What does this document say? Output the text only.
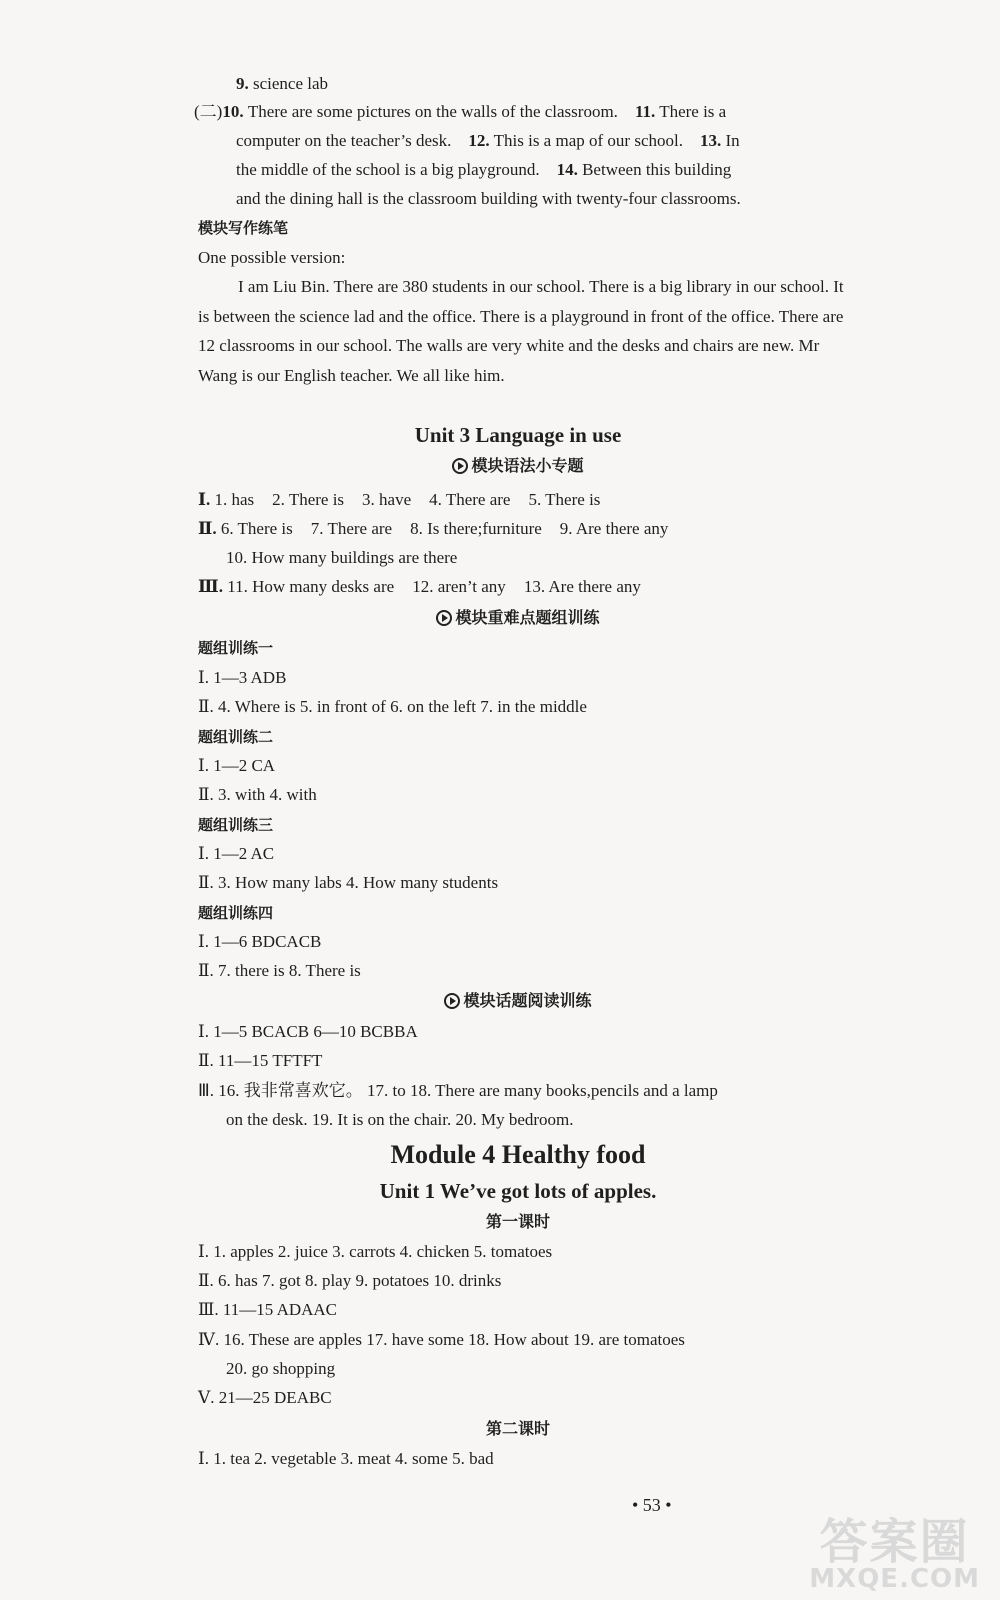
9. science lab
(二)10. There are some pictures on the walls of the classroom. 11. There is a
computer on the teacher’s desk.    12. This is a map of our school. 13. In
the middle of the school is a big playground.    14. Between this building
and the dining hall is the classroom building with twenty-four classrooms.
模块写作练笔
One possible version:
I am Liu Bin. There are 380 students in our school. There is a big library in our school. It is between the science lad and the office. There is a playground in front of the office. There are 12 classrooms in our school. The walls are very white and the desks and chairs are new. Mr Wang is our English teacher. We all like him.
Unit 3 Language in use
模块语法小专题
Ⅰ. 1. has 2. There is 3. have 4. There are 5. There is
Ⅱ. 6. There is 7. There are 8. Is there;furniture 9. Are there any
10. How many buildings are there
Ⅲ. 11. How many desks are 12. aren’t any 13. Are there any
模块重难点题组训练
题组训练一
Ⅰ. 1—3 ADB
Ⅱ. 4. Where is 5. in front of 6. on the left 7. in the middle
题组训练二
Ⅰ. 1—2 CA
Ⅱ. 3. with 4. with
题组训练三
Ⅰ. 1—2 AC
Ⅱ. 3. How many labs 4. How many students
题组训练四
Ⅰ. 1—6 BDCACB
Ⅱ. 7. there is 8. There is
模块话题阅读训练
Ⅰ. 1—5 BCACB 6—10 BCBBA
Ⅱ. 11—15 TFTFT
Ⅲ. 16. 我非常喜欢它。 17. to 18. There are many books,pencils and a lamp
on the desk. 19. It is on the chair. 20. My bedroom.
Module 4 Healthy food
Unit 1 We’ve got lots of apples.
第一课时
Ⅰ. 1. apples 2. juice 3. carrots 4. chicken 5. tomatoes
Ⅱ. 6. has 7. got 8. play 9. potatoes 10. drinks
Ⅲ. 11—15 ADAAC
Ⅳ. 16. These are apples 17. have some 18. How about 19. are tomatoes
20. go shopping
Ⅴ. 21—25 DEABC
第二课时
Ⅰ. 1. tea 2. vegetable 3. meat 4. some 5. bad
• 53 •
答案圈
MXQE.COM
